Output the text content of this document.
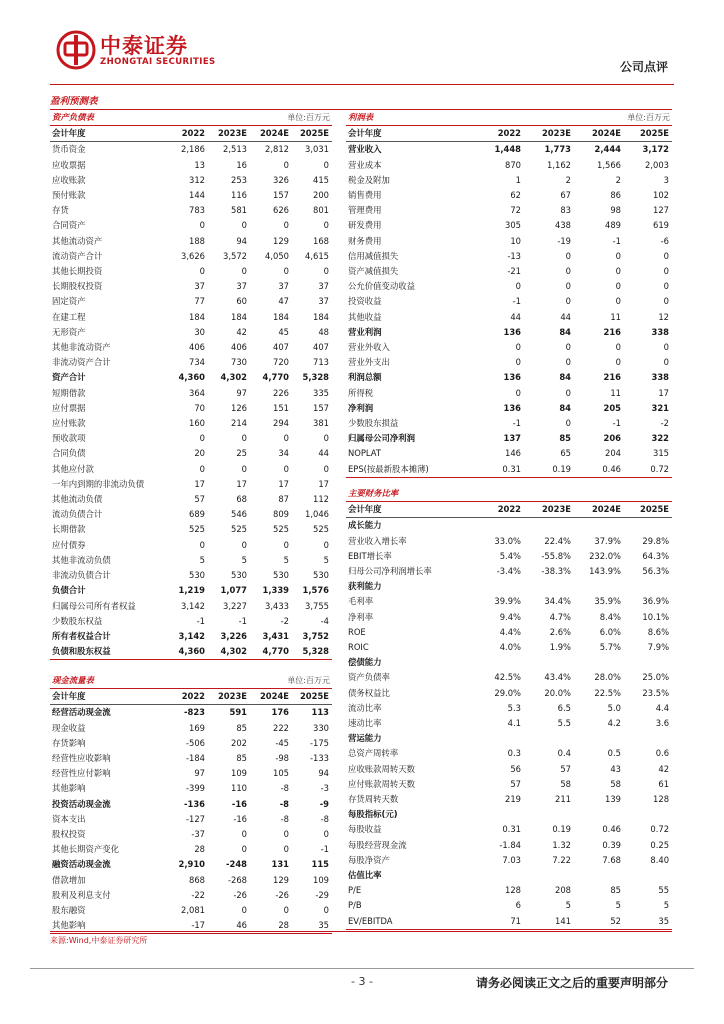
中泰证券
ZHONGTAI SECURITIES	公司点评
盈利预测表
资产负债表		单位:百万元		
会计年度	2022	2023E	2024E	2025E
货币资金	2,186	2,513	2,812	3,031
应收票据	13	16	0	0
应收账款	312	253	326	415
预付账款	144	116	157	200
存货	783	581	626	801
合同资产	0	0	0	0
其他流动资产	188	94	129	168
流动资产合计	3,626	3,572	4,050	4,615
其他长期投资	0	0	0	0
长期股权投资	37	37	37	37
固定资产	77	60	47	37
在建工程	184	184	184	184
无形资产	30	42	45	48
其他非流动资产	406	406	407	407
非流动资产合计	734	730	720	713
资产合计	4,360	4,302	4,770	5,328
短期借款	364	97	226	335
应付票据	70	126	151	157
应付账款	160	214	294	381
预收款项	0	0	0	0
合同负债	20	25	34	44
其他应付款	0	0	0	0
一年内到期的非流动负债	17	17	17	17
其他流动负债	57	68	87	112
流动负债合计	689	546	809	1,046
长期借款	525	525	525	525
应付债券	0	0	0	0
其他非流动负债	5	5	5	5
非流动负债合计	530	530	530	530
负债合计	1,219	1,077	1,339	1,576
归属母公司所有者权益	3,142	3,227	3,433	3,755
少数股东权益	-1	-1	-2	-4
所有者权益合计	3,142	3,226	3,431	3,752
负债和股东权益	4,360	4,302	4,770	5,328
现金流量表		单位:百万元		
会计年度	2022	2023E	2024E	2025E
经营活动现金流	-823	591	176	113
现金收益	169	85	222	330
存货影响	-506	202	-45	-175
经营性应收影响	-184	85	-98	-133
经营性应付影响	97	109	105	94
其他影响	-399	110	-8	-3
投资活动现金流	-136	-16	-8	-9
资本支出	-127	-16	-8	-8
股权投资	-37	0	0	0
其他长期资产变化	28	0	0	-1
融资活动现金流	2,910	-248	131	115
借款增加	868	-268	129	109
股利及利息支付	-22	-26	-26	-29
股东融资	2,081	0	0	0
其他影响	-17	46	28	35
利润表		单位:百万元		
会计年度	2022	2023E	2024E	2025E
营业收入	1,448	1,773	2,444	3,172
营业成本	870	1,162	1,566	2,003
税金及附加	1	2	2	3
销售费用	62	67	86	102
管理费用	72	83	98	127
研发费用	305	438	489	619
财务费用	10	-19	-1	-6
信用减值损失	-13	0	0	0
资产减值损失	-21	0	0	0
公允价值变动收益	0	0	0	0
投资收益	-1	0	0	0
其他收益	44	44	11	12
营业利润	136	84	216	338
营业外收入	0	0	0	0
营业外支出	0	0	0	0
利润总额	136	84	216	338
所得税	0	0	11	17
净利润	136	84	205	321
少数股东损益	-1	0	-1	-2
归属母公司净利润	137	85	206	322
NOPLAT	146	65	204	315
EPS(按最新股本摊薄)	0.31	0.19	0.46	0.72
主要财务比率				
会计年度	2022	2023E	2024E	2025E
成长能力				
营业收入增长率	33.0%	22.4%	37.9%	29.8%
EBIT增长率	5.4%	-55.8%	232.0%	64.3%
归母公司净利润增长率	-3.4%	-38.3%	143.9%	56.3%
获利能力				
毛利率	39.9%	34.4%	35.9%	36.9%
净利率	9.4%	4.7%	8.4%	10.1%
ROE	4.4%	2.6%	6.0%	8.6%
ROIC	4.0%	1.9%	5.7%	7.9%
偿债能力				
资产负债率	42.5%	43.4%	28.0%	25.0%
债务权益比	29.0%	20.0%	22.5%	23.5%
流动比率	5.3	6.5	5.0	4.4
速动比率	4.1	5.5	4.2	3.6
营运能力				
总资产周转率	0.3	0.4	0.5	0.6
应收账款周转天数	56	57	43	42
应付账款周转天数	57	58	58	61
存货周转天数	219	211	139	128
每股指标(元)				
每股收益	0.31	0.19	0.46	0.72
每股经营现金流	-1.84	1.32	0.39	0.25
每股净资产	7.03	7.22	7.68	8.40
估值比率				
P/E	128	208	85	55
P/B	6	5	5	5
EV/EBITDA	71	141	52	35
来源:Wind,中泰证券研究所
- 3 -	请务必阅读正文之后的重要声明部分
